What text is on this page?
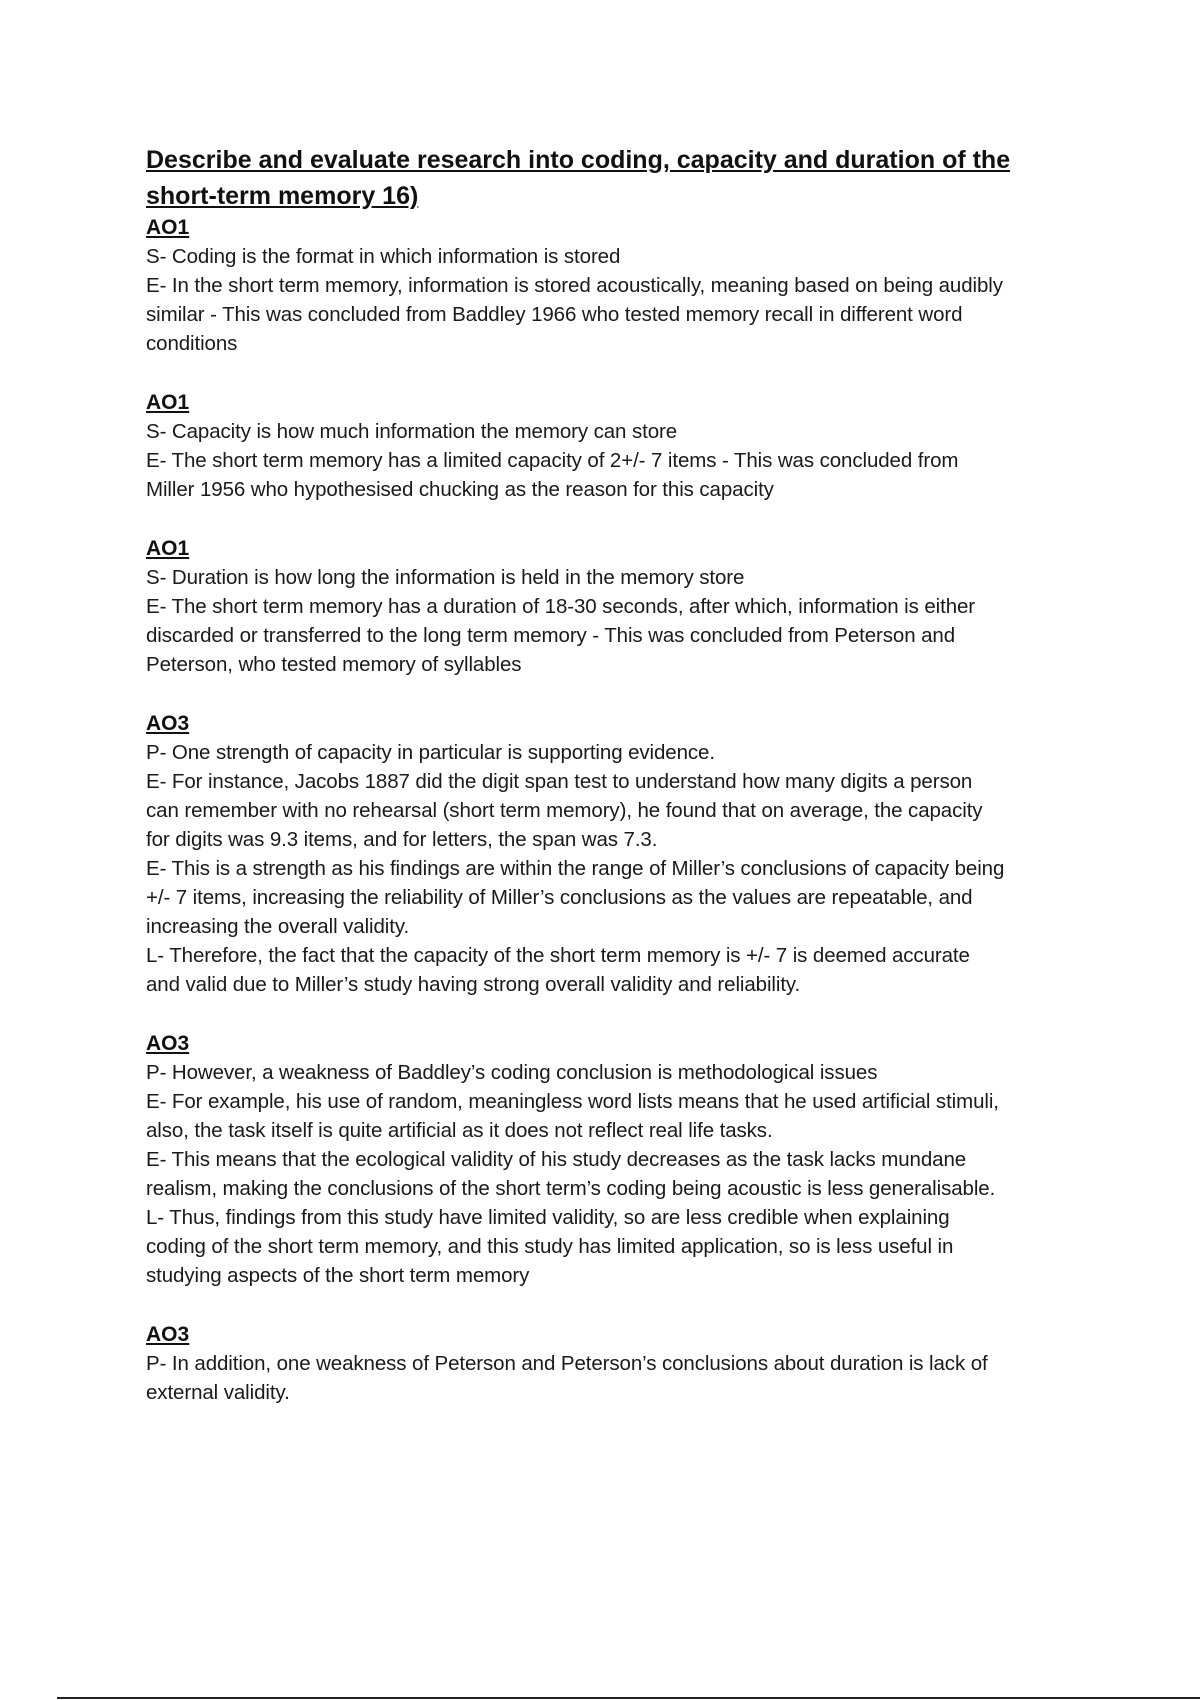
Describe and evaluate research into coding, capacity and duration of the
short-term memory 16)
AO1
S- Coding is the format in which information is stored
E- In the short term memory, information is stored acoustically, meaning based on being audibly
similar - This was concluded from Baddley 1966 who tested memory recall in different word
conditions
AO1
S- Capacity is how much information the memory can store
E- The short term memory has a limited capacity of 2+/- 7 items - This was concluded from
Miller 1956 who hypothesised chucking as the reason for this capacity
AO1
S- Duration is how long the information is held in the memory store
E- The short term memory has a duration of 18-30 seconds, after which, information is either
discarded or transferred to the long term memory - This was concluded from Peterson and
Peterson, who tested memory of syllables
AO3
P- One strength of capacity in particular is supporting evidence.
E- For instance, Jacobs 1887 did the digit span test to understand how many digits a person
can remember with no rehearsal (short term memory), he found that on average, the capacity
for digits was 9.3 items, and for letters, the span was 7.3.
E- This is a strength as his findings are within the range of Miller’s conclusions of capacity being
+/- 7 items, increasing the reliability of Miller’s conclusions as the values are repeatable, and
increasing the overall validity.
L- Therefore, the fact that the capacity of the short term memory is +/- 7 is deemed accurate
and valid due to Miller’s study having strong overall validity and reliability.
AO3
P- However, a weakness of Baddley’s coding conclusion is methodological issues
E- For example, his use of random, meaningless word lists means that he used artificial stimuli,
also, the task itself is quite artificial as it does not reflect real life tasks.
E- This means that the ecological validity of his study decreases as the task lacks mundane
realism, making the conclusions of the short term’s coding being acoustic is less generalisable.
L- Thus, findings from this study have limited validity, so are less credible when explaining
coding of the short term memory, and this study has limited application, so is less useful in
studying aspects of the short term memory
AO3
P- In addition, one weakness of Peterson and Peterson’s conclusions about duration is lack of
external validity.
